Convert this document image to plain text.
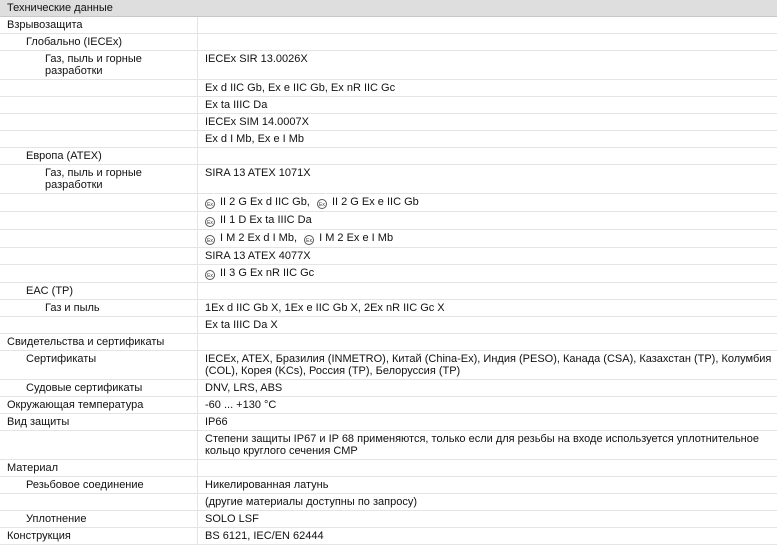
Технические данные
Взрывозащита	
Глобально (IECEx)	
Газ, пыль и горные разработки	IECEx SIR 13.0026X
	Ex d IIC Gb, Ex e IIC Gb, Ex nR IIC Gc
	Ex ta IIIC Da
	IECEx SIM 14.0007X
	Ex d I Mb, Ex e I Mb
Европа (ATEX)	
Газ, пыль и горные разработки	SIRA 13 ATEX 1071X
	Ex II 2 G Ex d IIC Gb, Ex II 2 G Ex e IIC Gb
	Ex II 1 D Ex ta IIIC Da
	Ex I M 2 Ex d I Mb, Ex I M 2 Ex e I Mb
	SIRA 13 ATEX 4077X
	Ex II 3 G Ex nR IIC Gc
EAC (TP)	
Газ и пыль	1Ex d IIC Gb X, 1Ex e IIC Gb X, 2Ex nR IIC Gc X
	Ex ta IIIC Da X
Свидетельства и сертификаты	
Сертификаты	IECEx, ATEX, Бразилия (INMETRO), Китай (China-Ex), Индия (PESO), Канада (CSA), Казахстан (TP), Колумбия (COL), Корея (KCs), Россия (TP), Белоруссия (TP)
Судовые сертификаты	DNV, LRS, ABS
Окружающая температура	-60 ... +130 °C
Вид защиты	IP66
	Степени защиты IP67 и IP 68 применяются, только если для резьбы на входе используется уплотнительное кольцо круглого сечения CMP
Материал	
Резьбовое соединение	Никелированная латунь
	(другие материалы доступны по запросу)
Уплотнение	SOLO LSF
Конструкция	BS 6121, IEC/EN 62444
